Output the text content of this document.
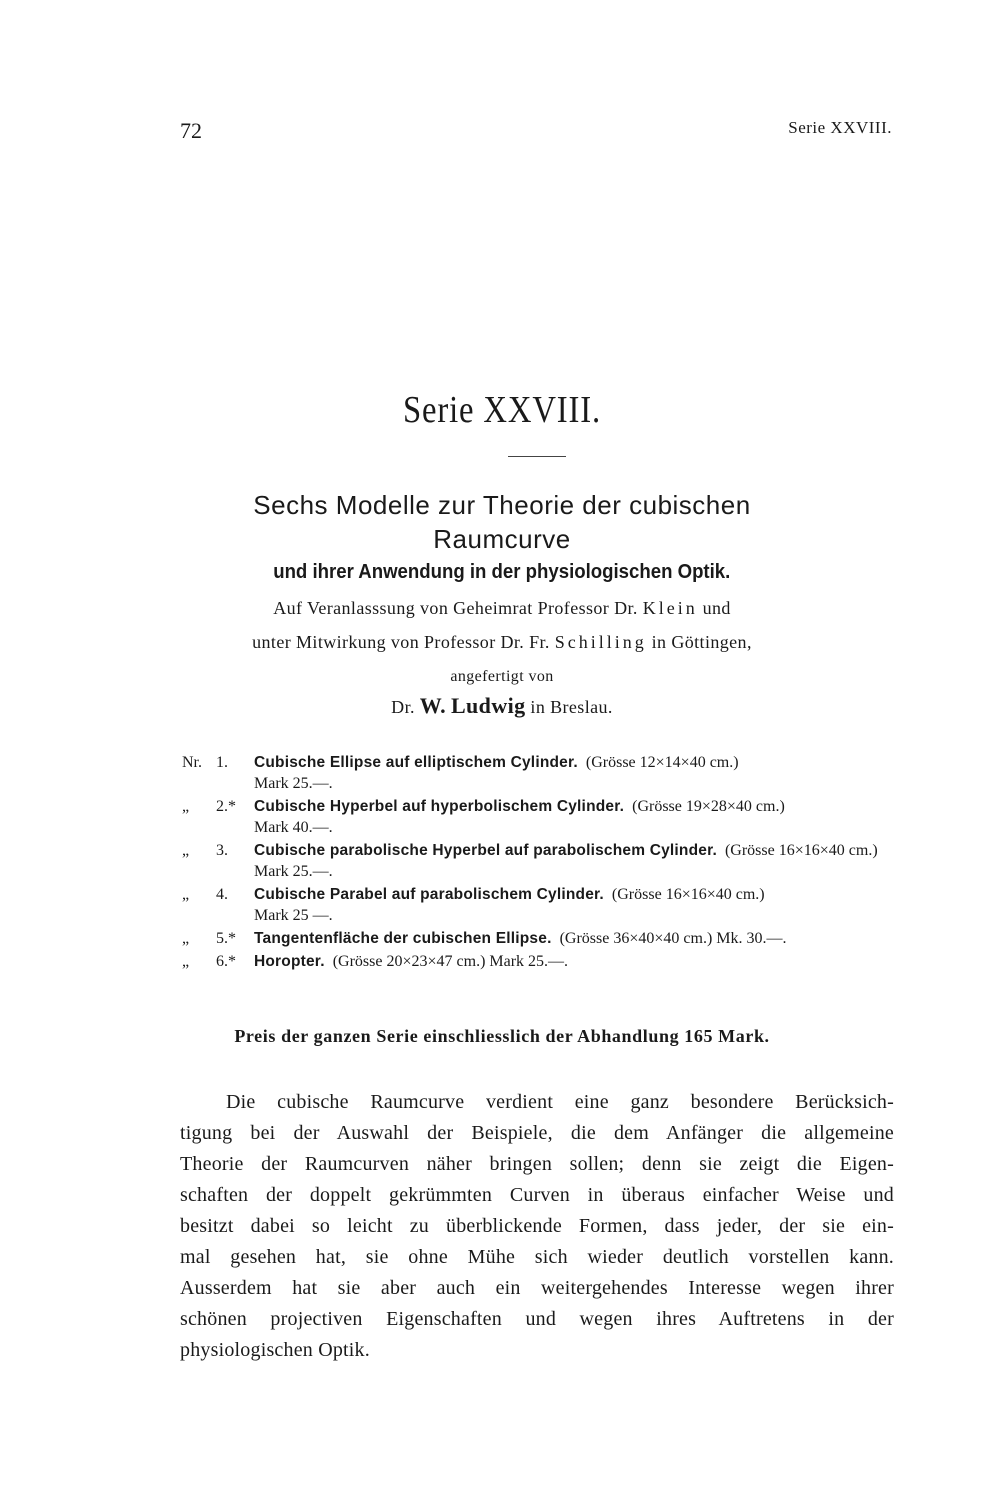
72	Serie XXVIII.
Serie XXVIII.
Sechs Modelle zur Theorie der cubischen
Raumcurve
und ihrer Anwendung in der physiologischen Optik.
Auf Veranlasssung von Geheimrat Professor Dr. Klein und
unter Mitwirkung von Professor Dr. Fr. Schilling in Göttingen,
angefertigt von
Dr. W. Ludwig in Breslau.
Nr. 1. Cubische Ellipse auf elliptischem Cylinder. (Grösse 12×14×40 cm.)
Mark 25.—.
„ 2.* Cubische Hyperbel auf hyperbolischem Cylinder. (Grösse 19×28×40 cm.)
Mark 40.—.
„ 3. Cubische parabolische Hyperbel auf parabolischem Cylinder. (Grösse 16×16×40 cm.) Mark 25.—.
„ 4. Cubische Parabel auf parabolischem Cylinder. (Grösse 16×16×40 cm.)
Mark 25 —.
„ 5.* Tangentenfläche der cubischen Ellipse. (Grösse 36×40×40 cm.) Mk. 30.—.
„ 6.* Horopter. (Grösse 20×23×47 cm.) Mark 25.—.
Preis der ganzen Serie einschliesslich der Abhandlung 165 Mark.
Die cubische Raumcurve verdient eine ganz besondere Berücksich-
tigung bei der Auswahl der Beispiele, die dem Anfänger die allgemeine
Theorie der Raumcurven näher bringen sollen; denn sie zeigt die Eigen-
schaften der doppelt gekrümmten Curven in überaus einfacher Weise und
besitzt dabei so leicht zu überblickende Formen, dass jeder, der sie ein-
mal gesehen hat, sie ohne Mühe sich wieder deutlich vorstellen kann.
Ausserdem hat sie aber auch ein weitergehendes Interesse wegen ihrer
schönen projectiven Eigenschaften und wegen ihres Auftretens in der
physiologischen Optik.
